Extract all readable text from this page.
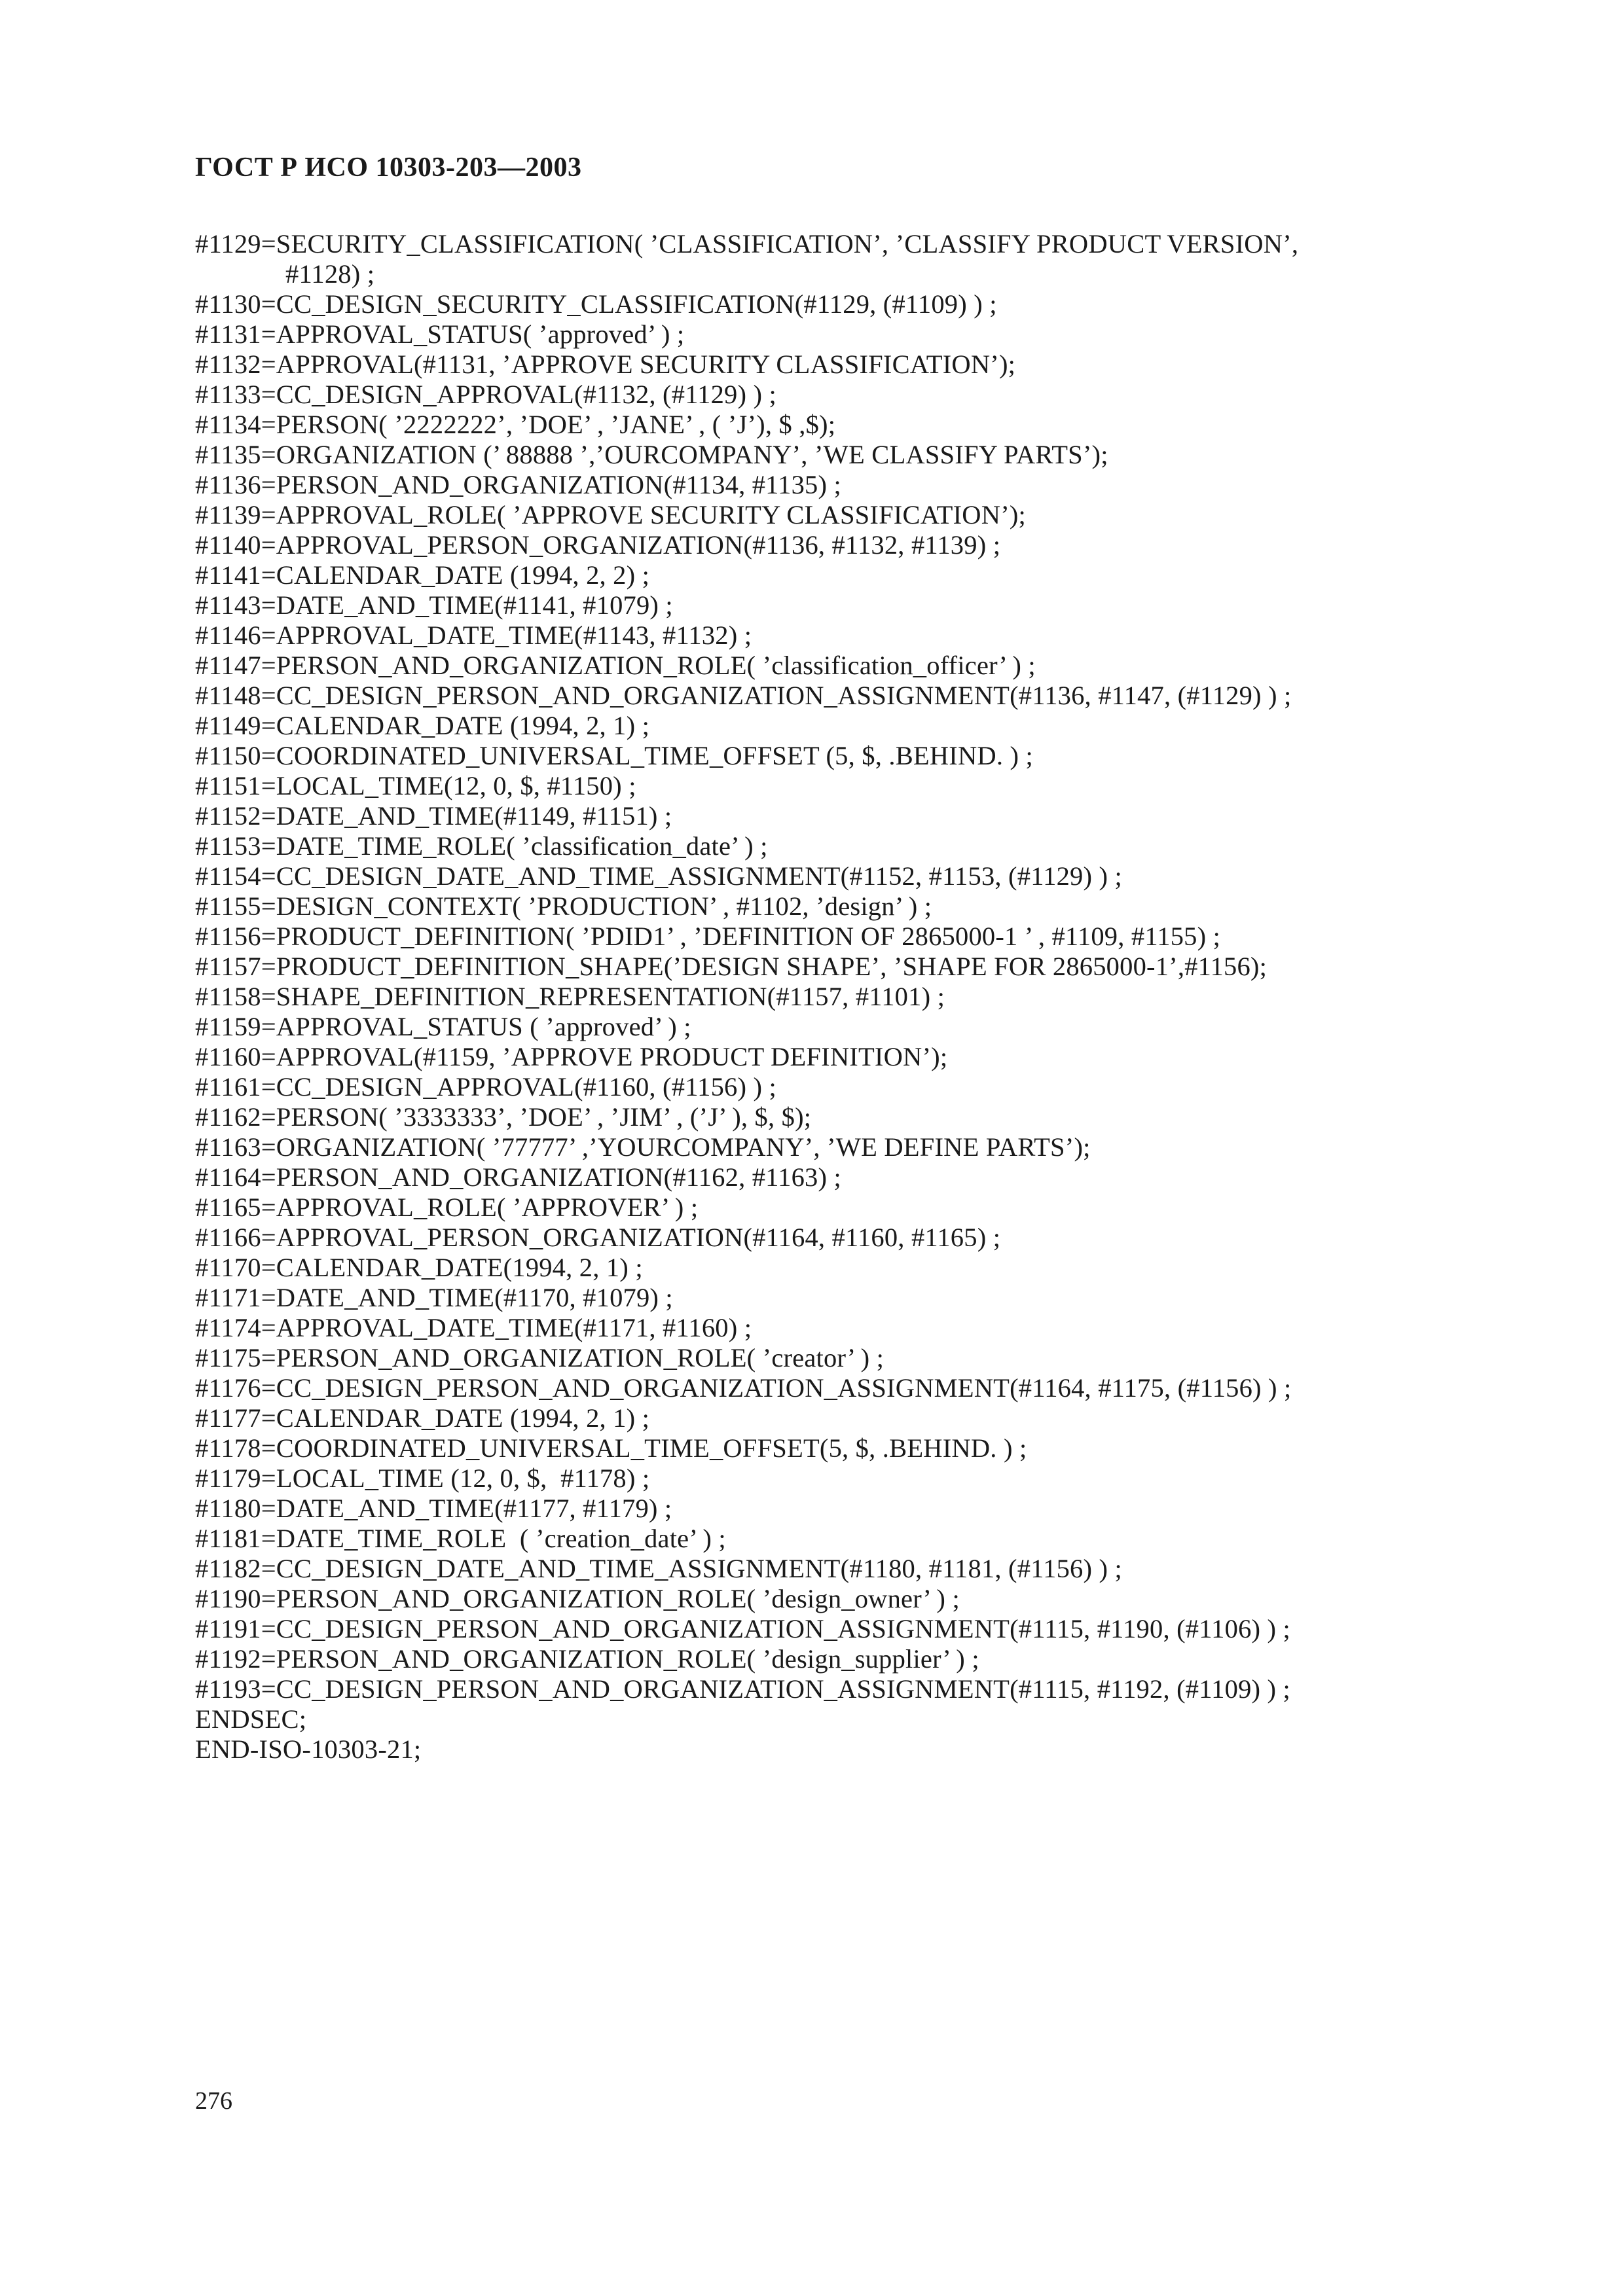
ГОСТ Р ИСО 10303-203—2003
#1129=SECURITY_CLASSIFICATION( ’CLASSIFICATION’, ’CLASSIFY PRODUCT VERSION’,
#1128) ;
#1130=CC_DESIGN_SECURITY_CLASSIFICATION(#1129, (#1109) ) ;
#1131=APPROVAL_STATUS( ’approved’ ) ;
#1132=APPROVAL(#1131, ’APPROVE SECURITY CLASSIFICATION’);
#1133=CC_DESIGN_APPROVAL(#1132, (#1129) ) ;
#1134=PERSON( ’2222222’, ’DOE’ , ’JANE’ , ( ’J’), $ ,$);
#1135=ORGANIZATION (’ 88888 ’,’OURCOMPANY’, ’WE CLASSIFY PARTS’);
#1136=PERSON_AND_ORGANIZATION(#1134, #1135) ;
#1139=APPROVAL_ROLE( ’APPROVE SECURITY CLASSIFICATION’);
#1140=APPROVAL_PERSON_ORGANIZATION(#1136, #1132, #1139) ;
#1141=CALENDAR_DATE (1994, 2, 2) ;
#1143=DATE_AND_TIME(#1141, #1079) ;
#1146=APPROVAL_DATE_TIME(#1143, #1132) ;
#1147=PERSON_AND_ORGANIZATION_ROLE( ’classification_officer’ ) ;
#1148=CC_DESIGN_PERSON_AND_ORGANIZATION_ASSIGNMENT(#1136, #1147, (#1129) ) ;
#1149=CALENDAR_DATE (1994, 2, 1) ;
#1150=COORDINATED_UNIVERSAL_TIME_OFFSET (5, $, .BEHIND. ) ;
#1151=LOCAL_TIME(12, 0, $, #1150) ;
#1152=DATE_AND_TIME(#1149, #1151) ;
#1153=DATE_TIME_ROLE( ’classification_date’ ) ;
#1154=CC_DESIGN_DATE_AND_TIME_ASSIGNMENT(#1152, #1153, (#1129) ) ;
#1155=DESIGN_CONTEXT( ’PRODUCTION’ , #1102, ’design’ ) ;
#1156=PRODUCT_DEFINITION( ’PDID1’ , ’DEFINITION OF 2865000-1 ’ , #1109, #1155) ;
#1157=PRODUCT_DEFINITION_SHAPE(’DESIGN SHAPE’, ’SHAPE FOR 2865000-1’,#1156);
#1158=SHAPE_DEFINITION_REPRESENTATION(#1157, #1101) ;
#1159=APPROVAL_STATUS ( ’approved’ ) ;
#1160=APPROVAL(#1159, ’APPROVE PRODUCT DEFINITION’);
#1161=CC_DESIGN_APPROVAL(#1160, (#1156) ) ;
#1162=PERSON( ’3333333’, ’DOE’ , ’JIM’ , (’J’ ), $, $);
#1163=ORGANIZATION( ’77777’ ,’YOURCOMPANY’, ’WE DEFINE PARTS’);
#1164=PERSON_AND_ORGANIZATION(#1162, #1163) ;
#1165=APPROVAL_ROLE( ’APPROVER’ ) ;
#1166=APPROVAL_PERSON_ORGANIZATION(#1164, #1160, #1165) ;
#1170=CALENDAR_DATE(1994, 2, 1) ;
#1171=DATE_AND_TIME(#1170, #1079) ;
#1174=APPROVAL_DATE_TIME(#1171, #1160) ;
#1175=PERSON_AND_ORGANIZATION_ROLE( ’creator’ ) ;
#1176=CC_DESIGN_PERSON_AND_ORGANIZATION_ASSIGNMENT(#1164, #1175, (#1156) ) ;
#1177=CALENDAR_DATE (1994, 2, 1) ;
#1178=COORDINATED_UNIVERSAL_TIME_OFFSET(5, $, .BEHIND. ) ;
#1179=LOCAL_TIME (12, 0, $,  #1178) ;
#1180=DATE_AND_TIME(#1177, #1179) ;
#1181=DATE_TIME_ROLE  ( ’creation_date’ ) ;
#1182=CC_DESIGN_DATE_AND_TIME_ASSIGNMENT(#1180, #1181, (#1156) ) ;
#1190=PERSON_AND_ORGANIZATION_ROLE( ’design_owner’ ) ;
#1191=CC_DESIGN_PERSON_AND_ORGANIZATION_ASSIGNMENT(#1115, #1190, (#1106) ) ;
#1192=PERSON_AND_ORGANIZATION_ROLE( ’design_supplier’ ) ;
#1193=CC_DESIGN_PERSON_AND_ORGANIZATION_ASSIGNMENT(#1115, #1192, (#1109) ) ;
ENDSEC;
END-ISO-10303-21;
276
